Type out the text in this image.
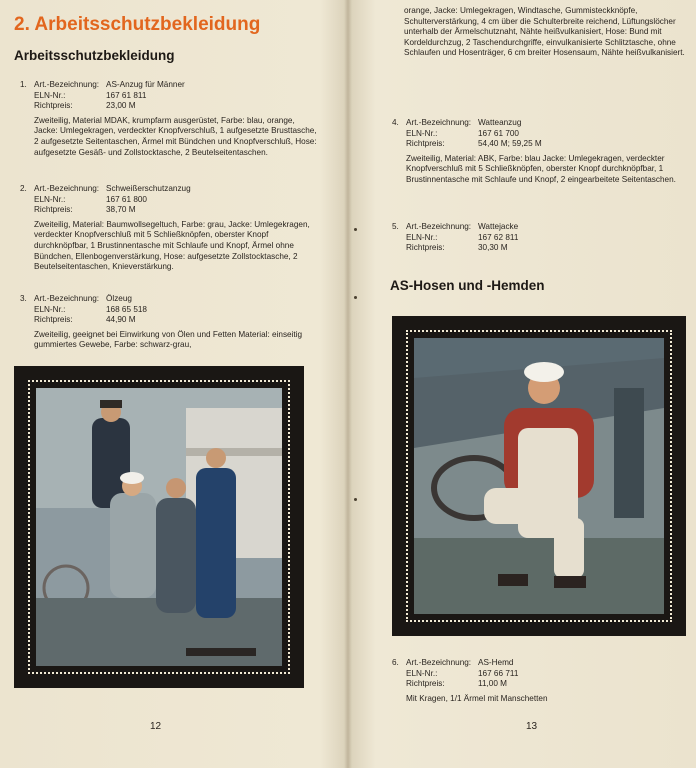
2. Arbeitsschutzbekleidung
Arbeitsschutzbekleidung
1. Art.-Bezeichnung: AS-Anzug für Männer
ELN-Nr.:	167 61 811
Richtpreis:	23,00 M
Zweiteilig, Material MDAK, krumpfarm ausgerüstet, Farbe: blau, orange, Jacke: Umlegekragen, verdeckter Knopfverschluß, 1 aufgesetzte Brusttasche, 2 aufgesetzte Seitentaschen, Ärmel mit Bündchen und Knopfverschluß, Hose: aufgesetzte Gesäß- und Zollstocktasche, 2 Beutelseitentaschen.
2. Art.-Bezeichnung: Schweißerschutzanzug
ELN-Nr.:	167 61 800
Richtpreis:	38,70 M
Zweiteilig, Material: Baumwollsegeltuch, Farbe: grau, Jacke: Umlegekragen, verdeckter Knopfverschluß mit 5 Schließknöpfen, oberster Knopf durchknöpfbar, 1 Brustinnentasche mit Schlaufe und Knopf, Ärmel ohne Bündchen, Ellenbogenverstärkung, Hose: aufgesetzte Zollstocktasche, 2 Beutelseitentaschen, Knieverstärkung.
3. Art.-Bezeichnung: Ölzeug
ELN-Nr.:	168 65 518
Richtpreis:	44,90 M
Zweiteilig, geeignet bei Einwirkung von Ölen und Fetten Material: einseitig gummiertes Gewebe, Farbe: schwarz-grau,
12
orange, Jacke: Umlegekragen, Windtasche, Gummisteckknöpfe, Schulterverstärkung, 4 cm über die Schulterbreite reichend, Lüftungslöcher unterhalb der Ärmelschutznaht, Nähte heißvulkanisiert, Hose: Bund mit Kordeldurchzug, 2 Taschendurchgriffe, einvulkanisierte Schlitztasche, ohne Schlaufen und Hosenträger, 6 cm breiter Hosensaum, Nähte heißvulkanisiert.
4. Art.-Bezeichnung: Watteanzug
ELN-Nr.:	167 61 700
Richtpreis:	54,40 M; 59,25 M
Zweiteilig, Material: ABK, Farbe: blau Jacke: Umlegekragen, verdeckter Knopfverschluß mit 5 Schließknöpfen, oberster Knopf durchknöpfbar, 1 Brustinnentasche mit Schlaufe und Knopf, 2 eingearbeitete Seitentaschen.
5. Art.-Bezeichnung: Wattejacke
ELN-Nr.:	167 62 811
Richtpreis:	30,30 M
AS-Hosen und -Hemden
6. Art.-Bezeichnung: AS-Hemd
ELN-Nr.:	167 66 711
Richtpreis:	11,00 M
Mit Kragen, 1/1 Ärmel mit Manschetten
13
